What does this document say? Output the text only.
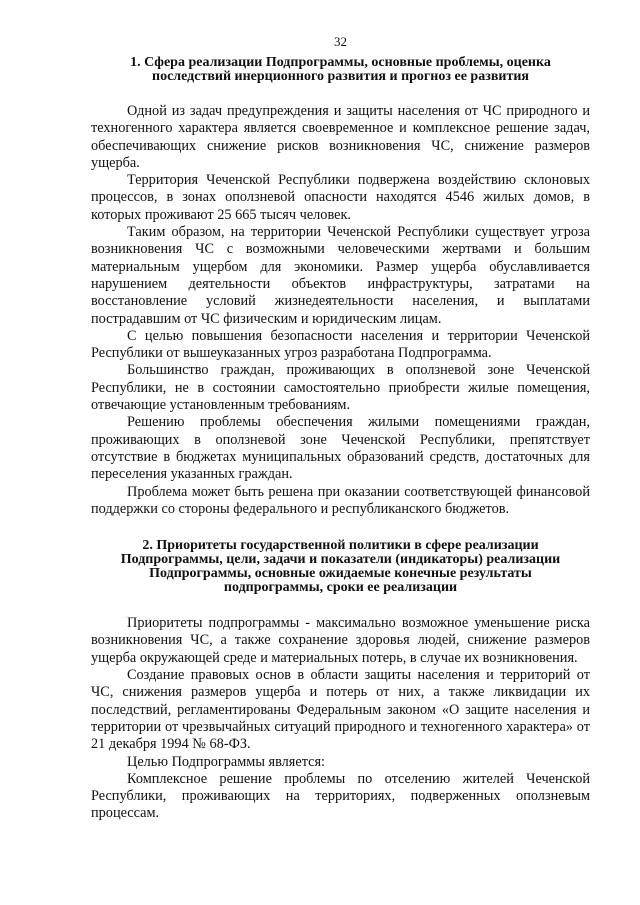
32
1. Сфера реализации Подпрограммы, основные проблемы, оценка
последствий инерционного развития и прогноз ее развития

Одной из задач предупреждения и защиты населения от ЧС природного и техногенного характера является своевременное и комплексное решение задач, обеспечивающих снижение рисков возникновения ЧС, снижение размеров ущерба.

Территория Чеченской Республики подвержена воздействию склоновых процессов, в зонах оползневой опасности находятся 4546 жилых домов, в которых проживают 25 665 тысяч человек.

Таким образом, на территории Чеченской Республики существует угроза возникновения ЧС с возможными человеческими жертвами и большим материальным ущербом для экономики. Размер ущерба обуславливается нарушением деятельности объектов инфраструктуры, затратами на восстановление условий жизнедеятельности населения, и выплатами пострадавшим от ЧС физическим и юридическим лицам.

С целью повышения безопасности населения и территории Чеченской Республики от вышеуказанных угроз разработана Подпрограмма.

Большинство граждан, проживающих в оползневой зоне Чеченской Республики, не в состоянии самостоятельно приобрести жилые помещения, отвечающие установленным требованиям.

Решению проблемы обеспечения жилыми помещениями граждан, проживающих в оползневой зоне Чеченской Республики, препятствует отсутствие в бюджетах муниципальных образований средств, достаточных для переселения указанных граждан.

Проблема может быть решена при оказании соответствующей финансовой поддержки со стороны федерального и республиканского бюджетов.

2. Приоритеты государственной политики в сфере реализации
Подпрограммы, цели, задачи и показатели (индикаторы) реализации
Подпрограммы, основные ожидаемые конечные результаты
подпрограммы, сроки ее реализации

Приоритеты подпрограммы - максимально возможное уменьшение риска возникновения ЧС, а также сохранение здоровья людей, снижение размеров ущерба окружающей среде и материальных потерь, в случае их возникновения.

Создание правовых основ в области защиты населения и территорий от ЧС, снижения размеров ущерба и потерь от них, а также ликвидации их последствий, регламентированы Федеральным законом «О защите населения и территории от чрезвычайных ситуаций природного и техногенного характера» от 21 декабря 1994 № 68-ФЗ.

Целью Подпрограммы является:

Комплексное решение проблемы по отселению жителей Чеченской Республики, проживающих на территориях, подверженных оползневым процессам.
